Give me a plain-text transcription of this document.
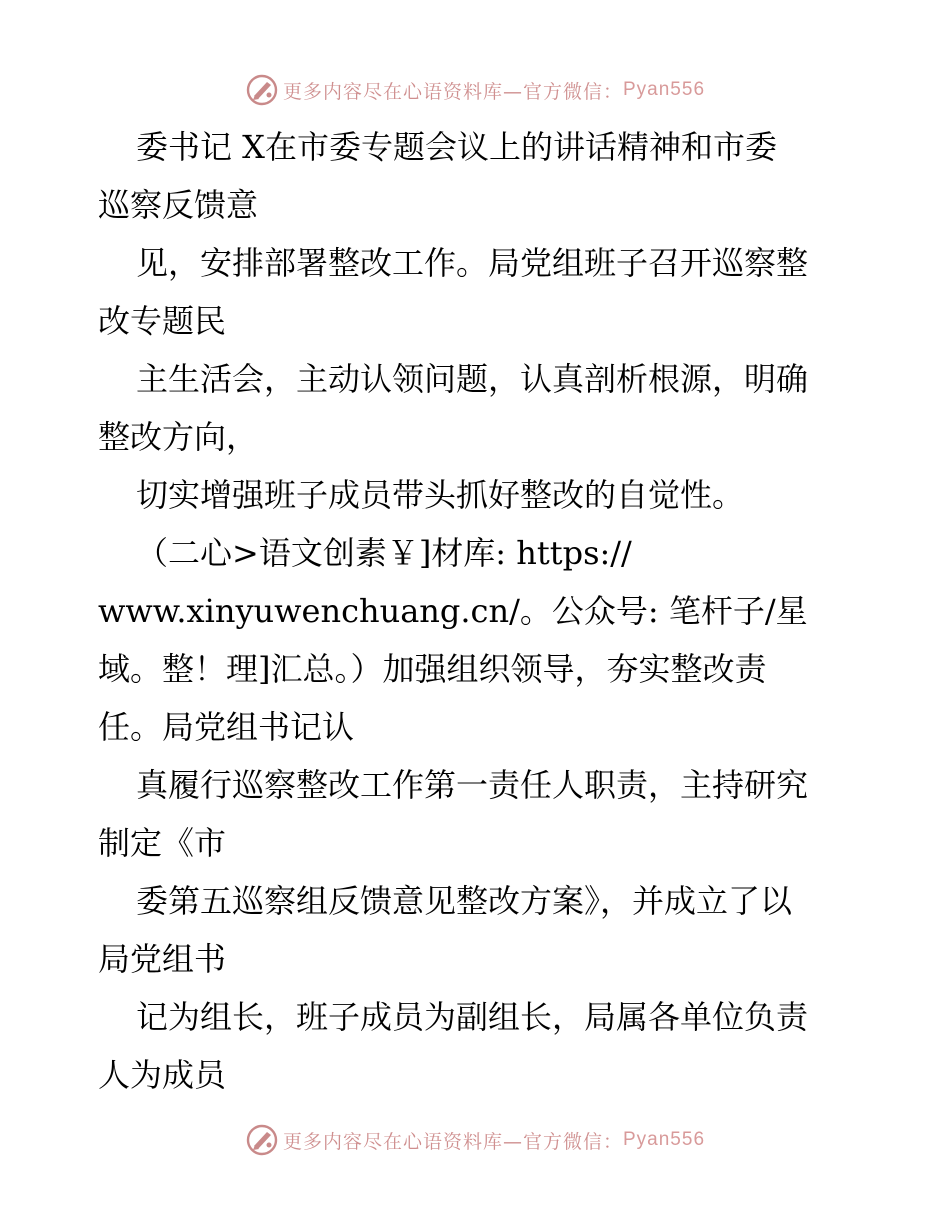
更多内容尽在心语资料库—官方微信： Pyan556
委书记 X在市委专题会议上的讲话精神和市委
巡察反馈意
见，安排部署整改工作。局党组班子召开巡察整
改专题民
主生活会，主动认领问题，认真剖析根源，明确
整改方向，
切实增强班子成员带头抓好整改的自觉性。
（二心>语文创素￥]材库: https://
www.xinyuwenchuang.cn/。公众号: 笔杆子/星
域。整！理]汇总。）加强组织领导，夯实整改责
任。局党组书记认
真履行巡察整改工作第一责任人职责，主持研究
制定《市
委第五巡察组反馈意见整改方案》，并成立了以
局党组书
记为组长，班子成员为副组长，局属各单位负责
人为成员
更多内容尽在心语资料库—官方微信： Pyan556
